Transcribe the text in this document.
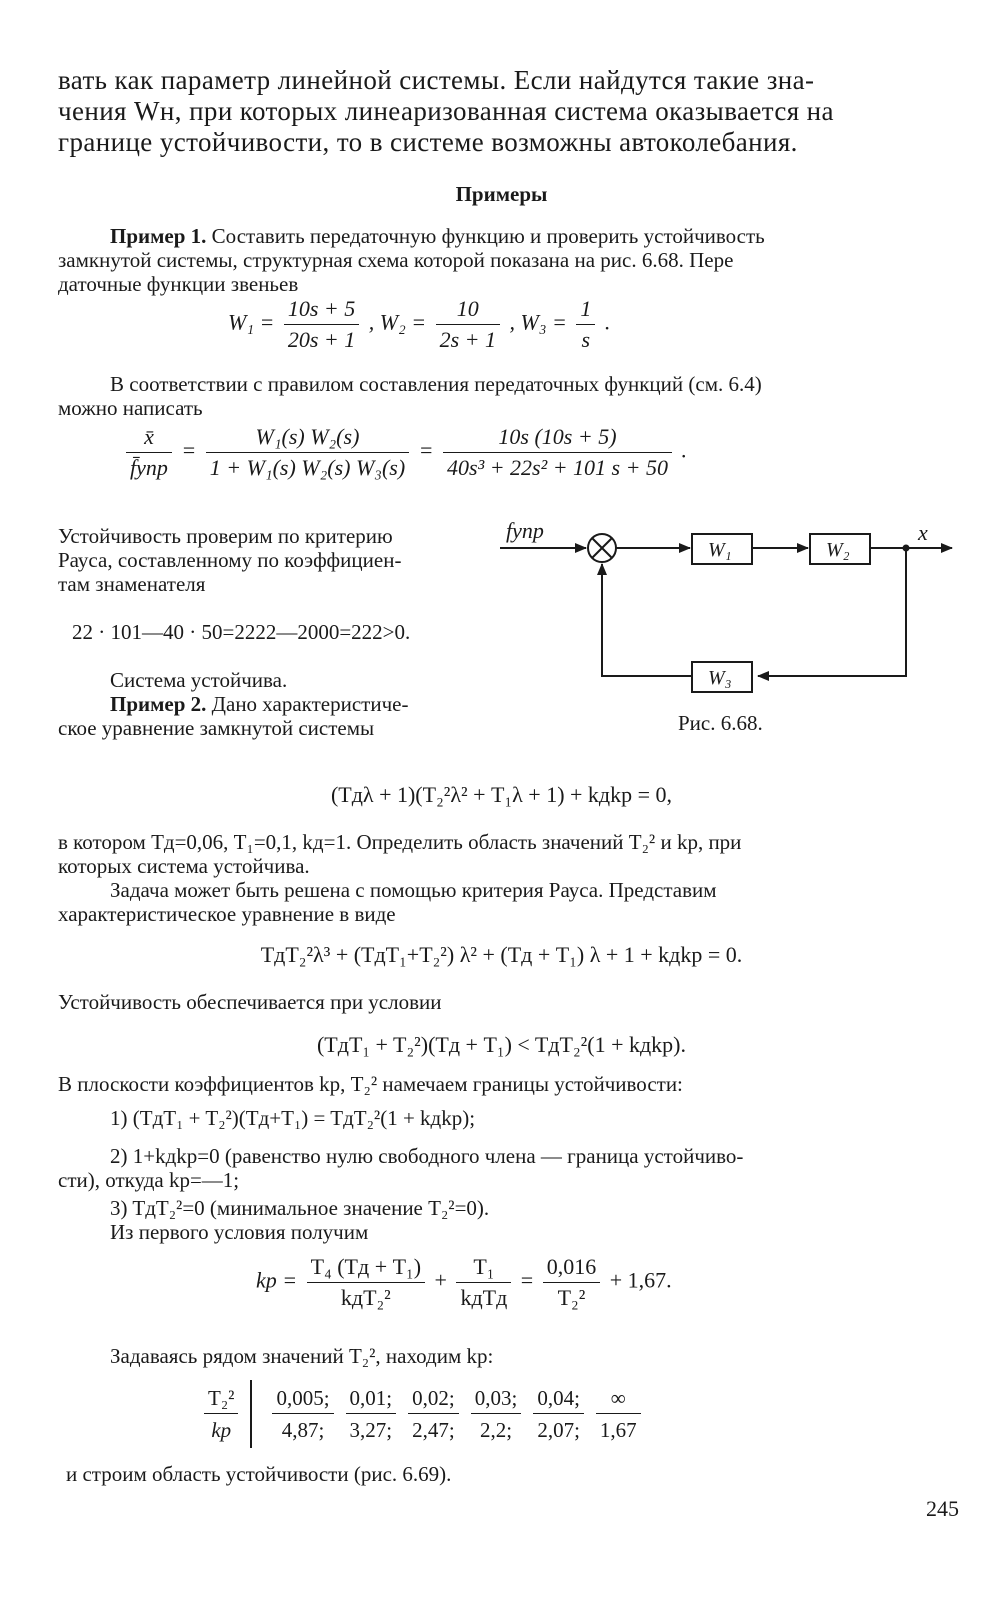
вать как параметр линейной системы. Если найдутся такие зна-
чения Wн, при которых линеаризованная система оказывается на
границе устойчивости, то в системе возможны автоколебания.
Примеры
Пример 1. Составить передаточную функцию и проверить устойчивость
замкнутой системы, структурная схема которой показана на рис. 6.68. Пере
даточные функции звеньев
$W_1 = \frac{10s + 5}{20s + 1}$ , $W_2 = \frac{10}{2s + 1}$ , $W_3 = \frac{1}{s}$ .
В соответствии с правилом составления передаточных функций (см. 6.4)
можно написать
$\frac{x̄}{\text{f̄упр}} = \frac{\text{W₁(s) W₂(s)}}{\text{1 + W₁(s) W₂(s) W₃(s)}} = \frac{10s (10s + 5)}{\text{40s³ + 22s² + 101 s + 50}}$ .
Устойчивость проверим по критерию
Рауса, составленному по коэффициен-
там знаменателя
22 · 101—40 · 50=2222—2000=222>0.
Система устойчива.
Пример 2. Дано характеристиче-
ское уравнение замкнутой системы
fупр
W₁	W₂
x
W₃
Рис. 6.68.
(Tдλ + 1)(T₂²λ² + T₁λ + 1) + kдkр = 0,
в котором Tд=0,06, T₁=0,1, kд=1. Определить область значений T₂² и kр, при
которых система устойчива.
Задача может быть решена с помощью критерия Рауса. Представим
характеристическое уравнение в виде
TдT₂²λ³ + (TдT₁+T₂²) λ² + (Tд + T₁) λ + 1 + kдkр = 0.
Устойчивость обеспечивается при условии
(TдT₁ + T₂²)(Tд + T₁) < TдT₂²(1 + kдkр).
В плоскости коэффициентов kр, T₂² намечаем границы устойчивости:
1) (TдT₁ + T₂²)(Tд+T₁) = TдT₂²(1 + kдkр);
2) 1+kдkр=0 (равенство нулю свободного члена — граница устойчиво-
сти), откуда kр=—1;
3) TдT₂²=0 (минимальное значение T₂²=0).
Из первого условия получим
kр = $\frac{\text{T₄ (Tд + T₁)}}{\text{kдT₂²}} + \frac{\text{T₁}}{\text{kдTд}} = \frac{0,016}{\text{T₂²}} + 1,67$.
Задаваясь рядом значений T₂², находим kр:
T₂²
kр
0,005;
4,87;
0,01;
3,27;
0,02;
2,47;
0,03;
2,2;
0,04;
2,07;
∞
1,67
и строим область устойчивости (рис. 6.69).
245
